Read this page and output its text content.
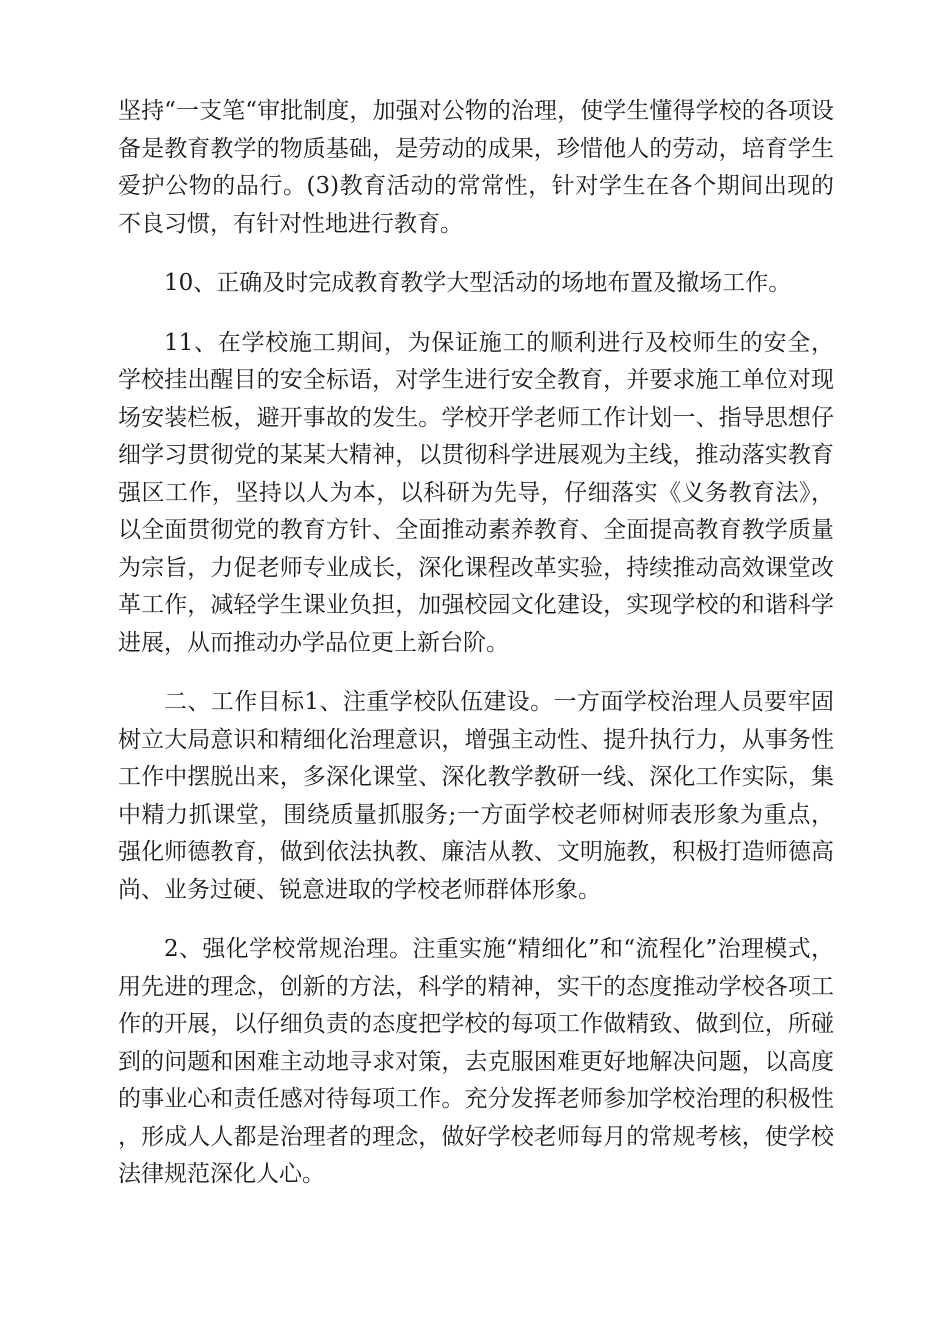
坚持“一支笔“审批制度，加强对公物的治理，使学生懂得学校的各项设备是教育教学的物质基础，是劳动的成果，珍惜他人的劳动，培育学生爱护公物的品行。(3)教育活动的常常性，针对学生在各个期间出现的不良习惯，有针对性地进行教育。

10、正确及时完成教育教学大型活动的场地布置及撤场工作。

11、在学校施工期间，为保证施工的顺利进行及校师生的安全，学校挂出醒目的安全标语，对学生进行安全教育，并要求施工单位对现场安装栏板，避开事故的发生。学校开学老师工作计划一、指导思想仔细学习贯彻党的某某大精神，以贯彻科学进展观为主线，推动落实教育强区工作，坚持以人为本，以科研为先导，仔细落实《义务教育法》，以全面贯彻党的教育方针、全面推动素养教育、全面提高教育教学质量为宗旨，力促老师专业成长，深化课程改革实验，持续推动高效课堂改革工作，减轻学生课业负担，加强校园文化建设，实现学校的和谐科学进展，从而推动办学品位更上新台阶。

二、工作目标1、注重学校队伍建设。一方面学校治理人员要牢固树立大局意识和精细化治理意识，增强主动性、提升执行力，从事务性工作中摆脱出来，多深化课堂、深化教学教研一线、深化工作实际，集中精力抓课堂，围绕质量抓服务;一方面学校老师树师表形象为重点，强化师德教育，做到依法执教、廉洁从教、文明施教，积极打造师德高尚、业务过硬、锐意进取的学校老师群体形象。

2、强化学校常规治理。注重实施“精细化”和“流程化”治理模式，用先进的理念，创新的方法，科学的精神，实干的态度推动学校各项工作的开展，以仔细负责的态度把学校的每项工作做精致、做到位，所碰到的问题和困难主动地寻求对策，去克服困难更好地解决问题，以高度的事业心和责任感对待每项工作。充分发挥老师参加学校治理的积极性，形成人人都是治理者的理念，做好学校老师每月的常规考核，使学校法律规范深化人心。
